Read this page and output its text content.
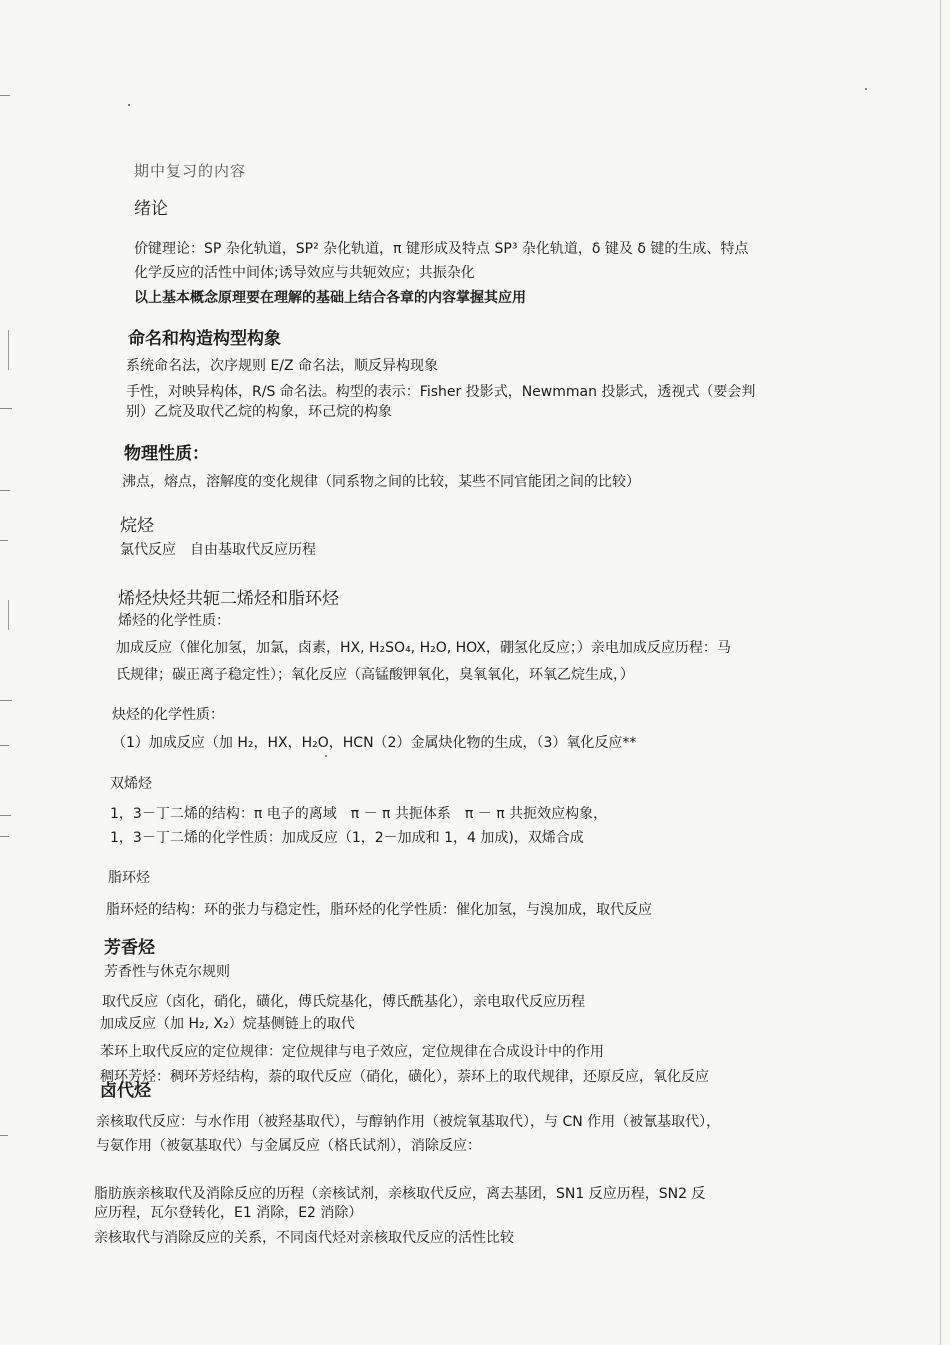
期中复习的内容
绪论
价键理论：SP 杂化轨道，SP² 杂化轨道，π 键形成及特点 SP³ 杂化轨道，δ 键及 δ 键的生成、特点
化学反应的活性中间体;诱导效应与共轭效应；共振杂化
以上基本概念原理要在理解的基础上结合各章的内容掌握其应用
命名和构造构型构象
系统命名法，次序规则 E/Z 命名法，顺反异构现象
手性，对映异构体，R/S 命名法。构型的表示：Fisher 投影式，Newmman 投影式，透视式（要会判
别）乙烷及取代乙烷的构象，环己烷的构象
物理性质：
沸点，熔点，溶解度的变化规律（同系物之间的比较，某些不同官能团之间的比较）
烷烃
氯代反应　自由基取代反应历程
烯烃炔烃共轭二烯烃和脂环烃
烯烃的化学性质：
加成反应（催化加氢，加氯，卤素，HX, H₂SO₄, H₂O, HOX，硼氢化反应；）亲电加成反应历程：马
氏规律；碳正离子稳定性）；氧化反应（高锰酸钾氧化，臭氧氧化，环氧乙烷生成，）
炔烃的化学性质：
（1）加成反应（加 H₂，HX，H₂O，HCN（2）金属炔化物的生成，（3）氧化反应**
双烯烃
1，3－丁二烯的结构：π 电子的离域　π － π 共扼体系　π － π 共扼效应构象，
1，3－丁二烯的化学性质：加成反应（1，2－加成和 1，4 加成)，双烯合成
脂环烃
脂环烃的结构：环的张力与稳定性，脂环烃的化学性质：催化加氢，与溴加成，取代反应
芳香烃
芳香性与休克尔规则
取代反应（卤化，硝化，磺化，傅氏烷基化，傅氏酰基化），亲电取代反应历程
加成反应（加 H₂, X₂）烷基侧链上的取代
苯环上取代反应的定位规律：定位规律与电子效应，定位规律在合成设计中的作用
稠环芳烃：稠环芳烃结构，萘的取代反应（硝化，磺化），萘环上的取代规律，还原反应，氧化反应
卤代烃
亲核取代反应：与水作用（被羟基取代），与醇钠作用（被烷氧基取代），与 CN 作用（被氰基取代），
与氨作用（被氨基取代）与金属反应（格氏试剂），消除反应：
脂肪族亲核取代及消除反应的历程（亲核试剂，亲核取代反应，离去基团，SN1 反应历程，SN2 反
应历程，瓦尔登转化，E1 消除，E2 消除）
亲核取代与消除反应的关系，不同卤代烃对亲核取代反应的活性比较
